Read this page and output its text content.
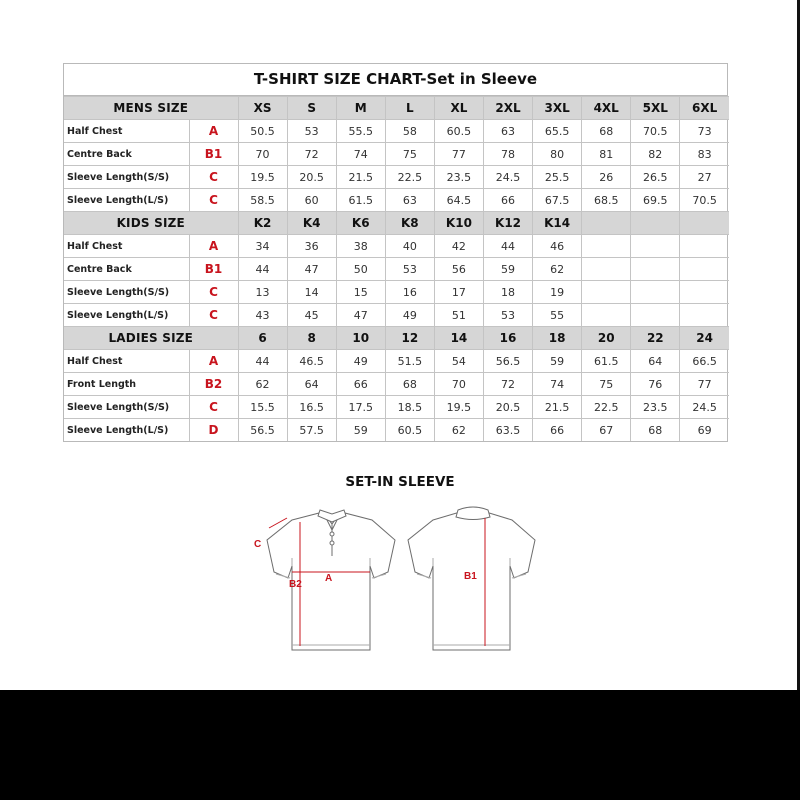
T-SHIRT SIZE CHART-Set in Sleeve
MENS SIZE		XS	S	M	L	XL	2XL	3XL	4XL	5XL	6XL
Half Chest	A	50.5	53	55.5	58	60.5	63	65.5	68	70.5	73
Centre Back	B1	70	72	74	75	77	78	80	81	82	83
Sleeve Length(S/S)	C	19.5	20.5	21.5	22.5	23.5	24.5	25.5	26	26.5	27
Sleeve Length(L/S)	C	58.5	60	61.5	63	64.5	66	67.5	68.5	69.5	70.5
KIDS SIZE		K2	K4	K6	K8	K10	K12	K14			
Half Chest	A	34	36	38	40	42	44	46			
Centre Back	B1	44	47	50	53	56	59	62			
Sleeve Length(S/S)	C	13	14	15	16	17	18	19			
Sleeve Length(L/S)	C	43	45	47	49	51	53	55			
LADIES SIZE		6	8	10	12	14	16	18	20	22	24
Half Chest	A	44	46.5	49	51.5	54	56.5	59	61.5	64	66.5
Front Length	B2	62	64	66	68	70	72	74	75	76	77
Sleeve Length(S/S)	C	15.5	16.5	17.5	18.5	19.5	20.5	21.5	22.5	23.5	24.5
Sleeve Length(L/S)	D	56.5	57.5	59	60.5	62	63.5	66	67	68	69
SET-IN SLEEVE
C
A
B2
B1
